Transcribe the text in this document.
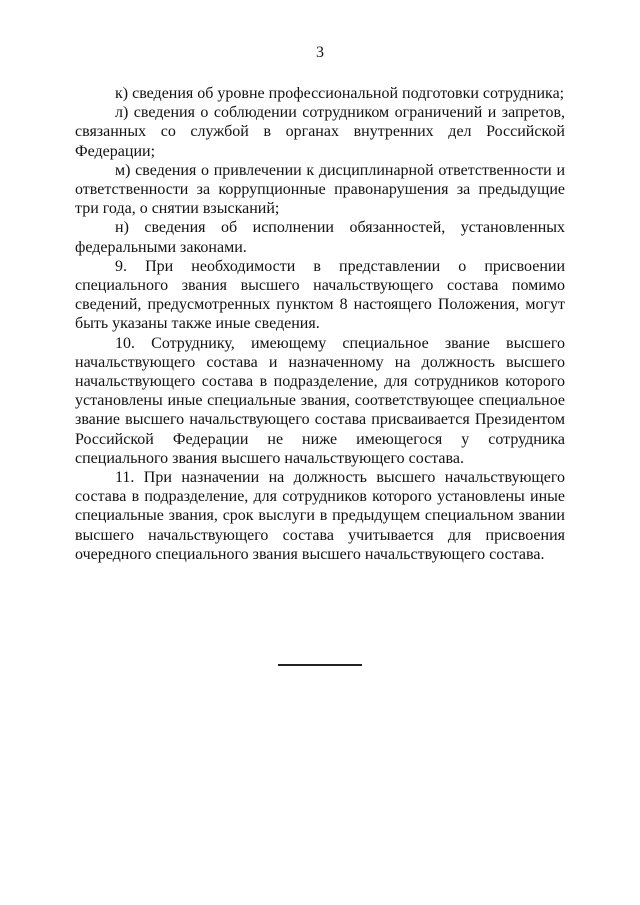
3

к) сведения об уровне профессиональной подготовки сотрудника;

л) сведения о соблюдении сотрудником ограничений и запретов, связанных со службой в органах внутренних дел Российской Федерации;

м) сведения о привлечении к дисциплинарной ответственности и ответственности за коррупционные правонарушения за предыдущие три года, о снятии взысканий;

н) сведения об исполнении обязанностей, установленных федеральными законами.

9. При необходимости в представлении о присвоении специального звания высшего начальствующего состава помимо сведений, предусмотренных пунктом 8 настоящего Положения, могут быть указаны также иные сведения.

10. Сотруднику, имеющему специальное звание высшего начальствующего состава и назначенному на должность высшего начальствующего состава в подразделение, для сотрудников которого установлены иные специальные звания, соответствующее специальное звание высшего начальствующего состава присваивается Президентом Российской Федерации не ниже имеющегося у сотрудника специального звания высшего начальствующего состава.

11. При назначении на должность высшего начальствующего состава в подразделение, для сотрудников которого установлены иные специальные звания, срок выслуги в предыдущем специальном звании высшего начальствующего состава учитывается для присвоения очередного специального звания высшего начальствующего состава.
